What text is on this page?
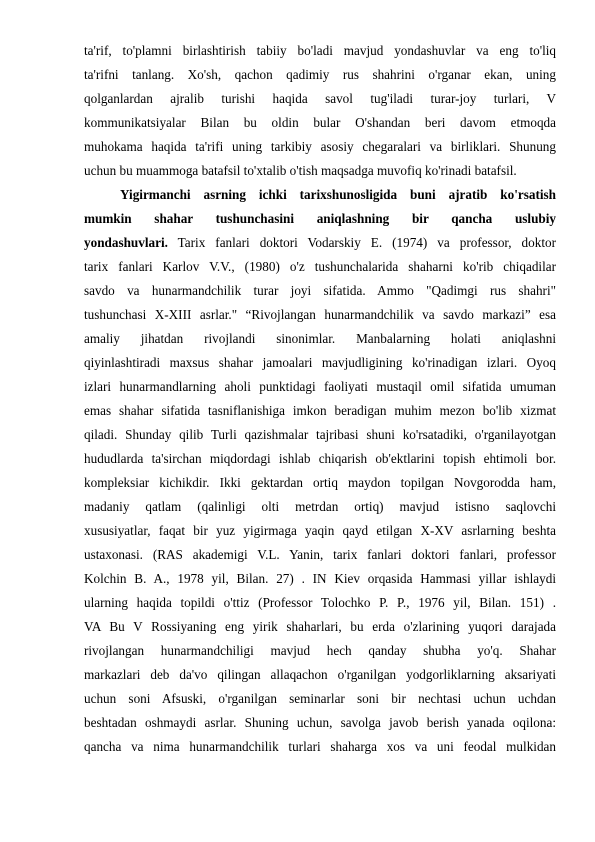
ta'rif, to'plamni birlashtirish tabiiy bo'ladi mavjud yondashuvlar va eng to'liq
ta'rifni tanlang. Xo'sh, qachon qadimiy rus shahrini o'rganar ekan, uning
qolganlardan ajralib turishi haqida savol tug'iladi turar-joy turlari, V
kommunikatsiyalar Bilan bu oldin bular O'shandan beri davom etmoqda
muhokama haqida ta'rifi uning tarkibiy asosiy chegaralari va birliklari. Shunung
uchun bu muammoga batafsil to'xtalib o'tish maqsadga muvofiq ko'rinadi batafsil.
Yigirmanchi asrning ichki tarixshunosligida buni ajratib ko'rsatish
mumkin shahar tushunchasini aniqlashning bir qancha uslubiy
yondashuvlari. Tarix fanlari doktori Vodarskiy E. (1974) va professor, doktor
tarix fanlari Karlov V.V., (1980) o'z tushunchalarida shaharni ko'rib chiqadilar
savdo va hunarmandchilik turar joyi sifatida. Ammo "Qadimgi rus shahri"
tushunchasi X-XIII asrlar." “Rivojlangan hunarmandchilik va savdo markazi” esa
amaliy jihatdan rivojlandi sinonimlar. Manbalarning holati aniqlashni
qiyinlashtiradi maxsus shahar jamoalari mavjudligining ko'rinadigan izlari. Oyoq
izlari hunarmandlarning aholi punktidagi faoliyati mustaqil omil sifatida umuman
emas shahar sifatida tasniflanishiga imkon beradigan muhim mezon bo'lib xizmat
qiladi. Shunday qilib Turli qazishmalar tajribasi shuni ko'rsatadiki, o'rganilayotgan
hududlarda ta'sirchan miqdordagi ishlab chiqarish ob'ektlarini topish ehtimoli bor.
kompleksiar kichikdir. Ikki gektardan ortiq maydon topilgan Novgorodda ham,
madaniy qatlam (qalinligi olti metrdan ortiq) mavjud istisno saqlovchi
xususiyatlar, faqat bir yuz yigirmaga yaqin qayd etilgan X-XV asrlarning beshta
ustaxonasi. (RAS akademigi V.L. Yanin, tarix fanlari doktori fanlari, professor
Kolchin B. A., 1978 yil, Bilan. 27) . IN Kiev orqasida Hammasi yillar ishlaydi
ularning haqida topildi o'ttiz (Professor Tolochko P. P., 1976 yil, Bilan. 151) .
VA Bu V Rossiyaning eng yirik shaharlari, bu erda o'zlarining yuqori darajada
rivojlangan hunarmandchiligi mavjud hech qanday shubha yo'q. Shahar
markazlari deb da'vo qilingan allaqachon o'rganilgan yodgorliklarning aksariyati
uchun soni Afsuski, o'rganilgan seminarlar soni bir nechtasi uchun uchdan
beshtadan oshmaydi asrlar. Shuning uchun, savolga javob berish yanada oqilona:
qancha va nima hunarmandchilik turlari shaharga xos va uni feodal mulkidan
